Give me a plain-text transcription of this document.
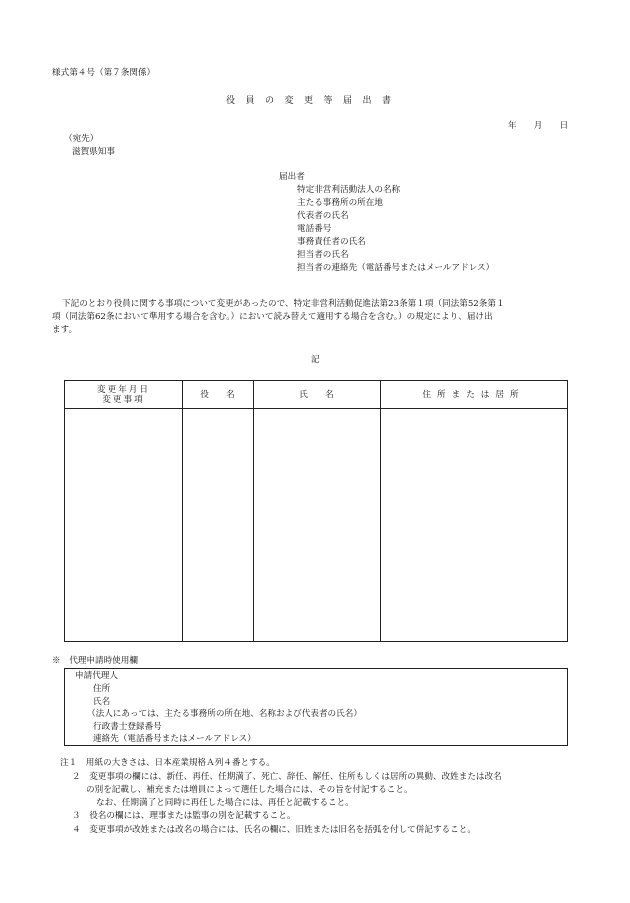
様式第４号（第７条関係）
役員の変更等届出書
年　　月　　日
（宛先）
滋賀県知事
届出者
特定非営利活動法人の名称
主たる事務所の所在地
代表者の氏名
電話番号
事務責任者の氏名
担当者の氏名
担当者の連絡先（電話番号またはメールアドレス）
下記のとおり役員に関する事項について変更があったので、特定非営利活動促進法第23条第１項（同法第52条第１
項（同法第62条において準用する場合を含む。）において読み替えて適用する場合を含む。）の規定により、届け出
ます。
記
変更年月日
変更事項
役　　名	氏　　名	住所または居所
※　代理申請時使用欄
申請代理人
住所
氏名
（法人にあっては、主たる事務所の所在地、名称および代表者の氏名）
行政書士登録番号
連絡先（電話番号またはメールアドレス）
注１　用紙の大きさは、日本産業規格Ａ列４番とする。
２　変更事項の欄には、新任、再任、任期満了、死亡、辞任、解任、住所もしくは居所の異動、改姓または改名
の別を記載し、補充または増員によって選任した場合には、その旨を付記すること。
なお、任期満了と同時に再任した場合には、再任と記載すること。
３　役名の欄には、理事または監事の別を記載すること。
４　変更事項が改姓または改名の場合には、氏名の欄に、旧姓または旧名を括弧を付して併記すること。
